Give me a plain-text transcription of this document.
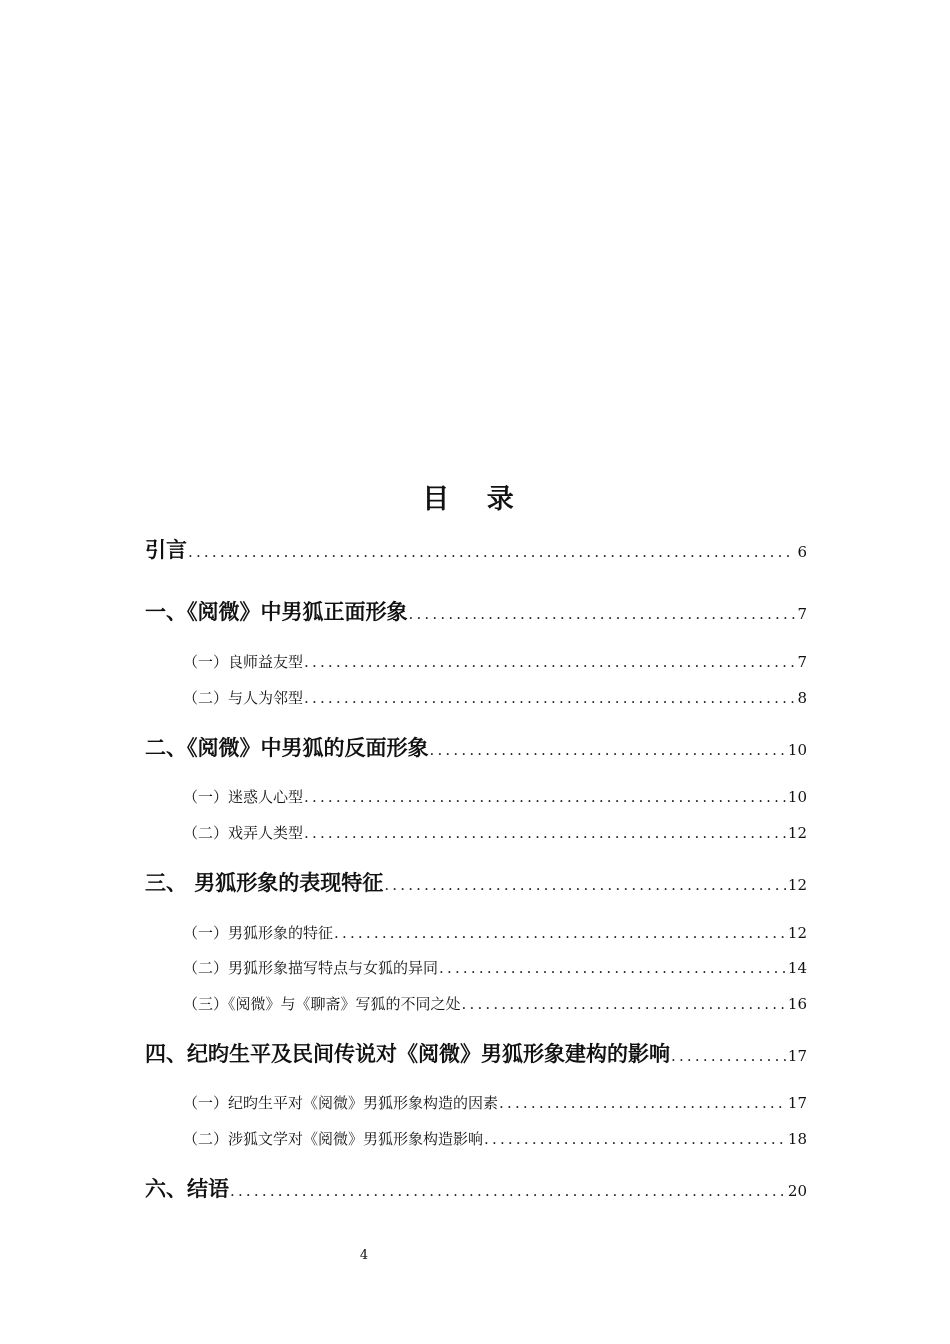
目 录
引言 .....	6
一、《阅微》中男狐正面形象 .....	7
（一）良师益友型 .....	7
（二）与人为邻型 .....	8
二、《阅微》中男狐的反面形象 .....	10
（一）迷惑人心型 .....	10
（二）戏弄人类型 .....	12
三、 男狐形象的表现特征 .....	12
（一）男狐形象的特征 .....	12
（二）男狐形象描写特点与女狐的异同 .....	14
（三）《阅微》与《聊斋》写狐的不同之处 .....	16
四、纪昀生平及民间传说对《阅微》男狐形象建构的影响 .....	17
（一）纪昀生平对《阅微》男狐形象构造的因素 .....	17
（二）涉狐文学对《阅微》男狐形象构造影响 .....	18
六、结语 .....	20
4
